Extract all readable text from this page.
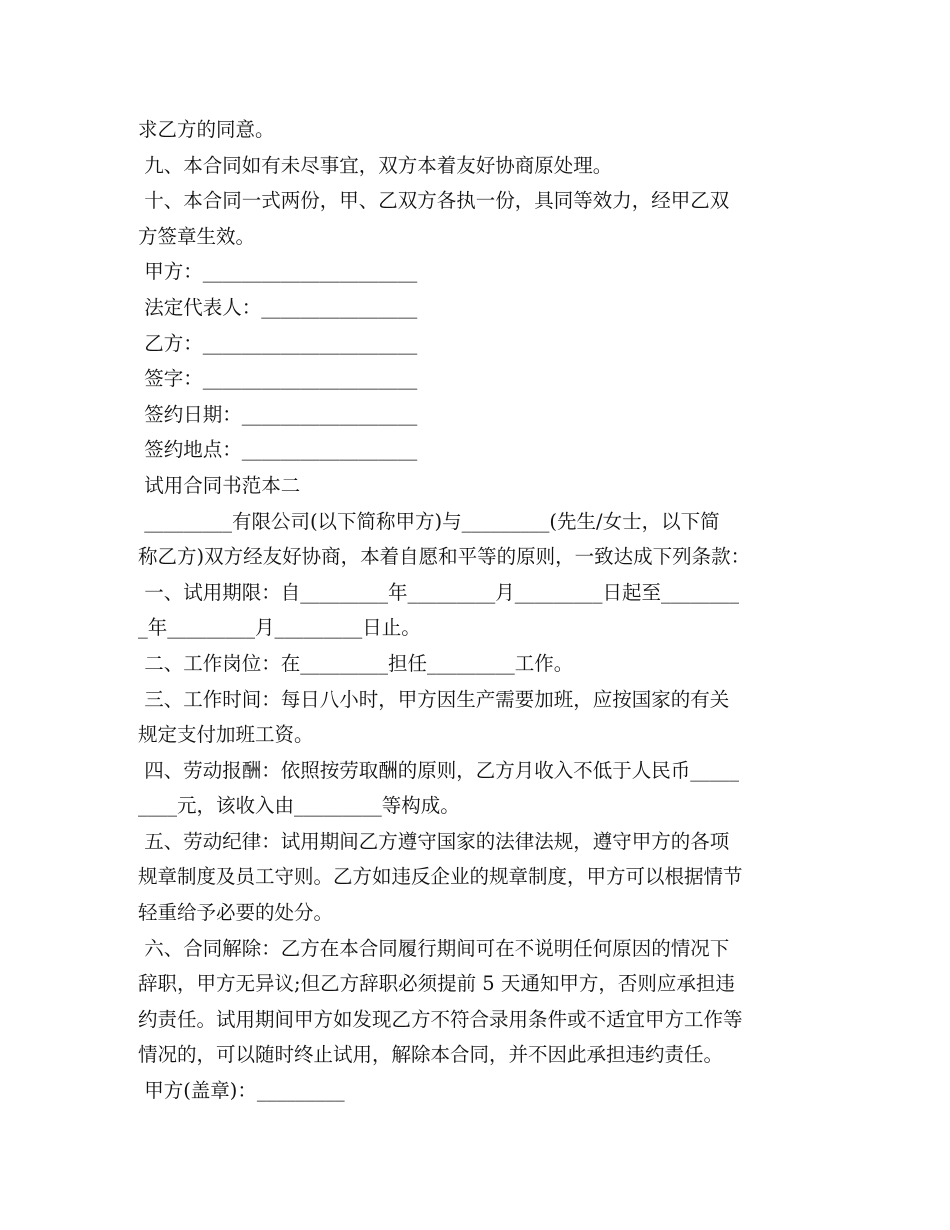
求乙方的同意。
九、本合同如有未尽事宜，双方本着友好协商原处理。
十、本合同一式两份，甲、乙双方各执一份，具同等效力，经甲乙双
方签章生效。
甲方：______________________
法定代表人：________________
乙方：______________________
签字：______________________
签约日期：__________________
签约地点：__________________
试用合同书范本二
_________有限公司(以下简称甲方)与_________(先生/女士，以下简
称乙方)双方经友好协商，本着自愿和平等的原则，一致达成下列条款：
一、试用期限：自_________年_________月_________日起至________
_年_________月_________日止。
二、工作岗位：在_________担任_________工作。
三、工作时间：每日八小时，甲方因生产需要加班，应按国家的有关
规定支付加班工资。
四、劳动报酬：依照按劳取酬的原则，乙方月收入不低于人民币_____
____元，该收入由_________等构成。
五、劳动纪律：试用期间乙方遵守国家的法律法规，遵守甲方的各项
规章制度及员工守则。乙方如违反企业的规章制度，甲方可以根据情节
轻重给予必要的处分。
六、合同解除：乙方在本合同履行期间可在不说明任何原因的情况下
辞职，甲方无异议;但乙方辞职必须提前 5 天通知甲方，否则应承担违
约责任。试用期间甲方如发现乙方不符合录用条件或不适宜甲方工作等
情况的，可以随时终止试用，解除本合同，并不因此承担违约责任。
甲方(盖章)：_________
